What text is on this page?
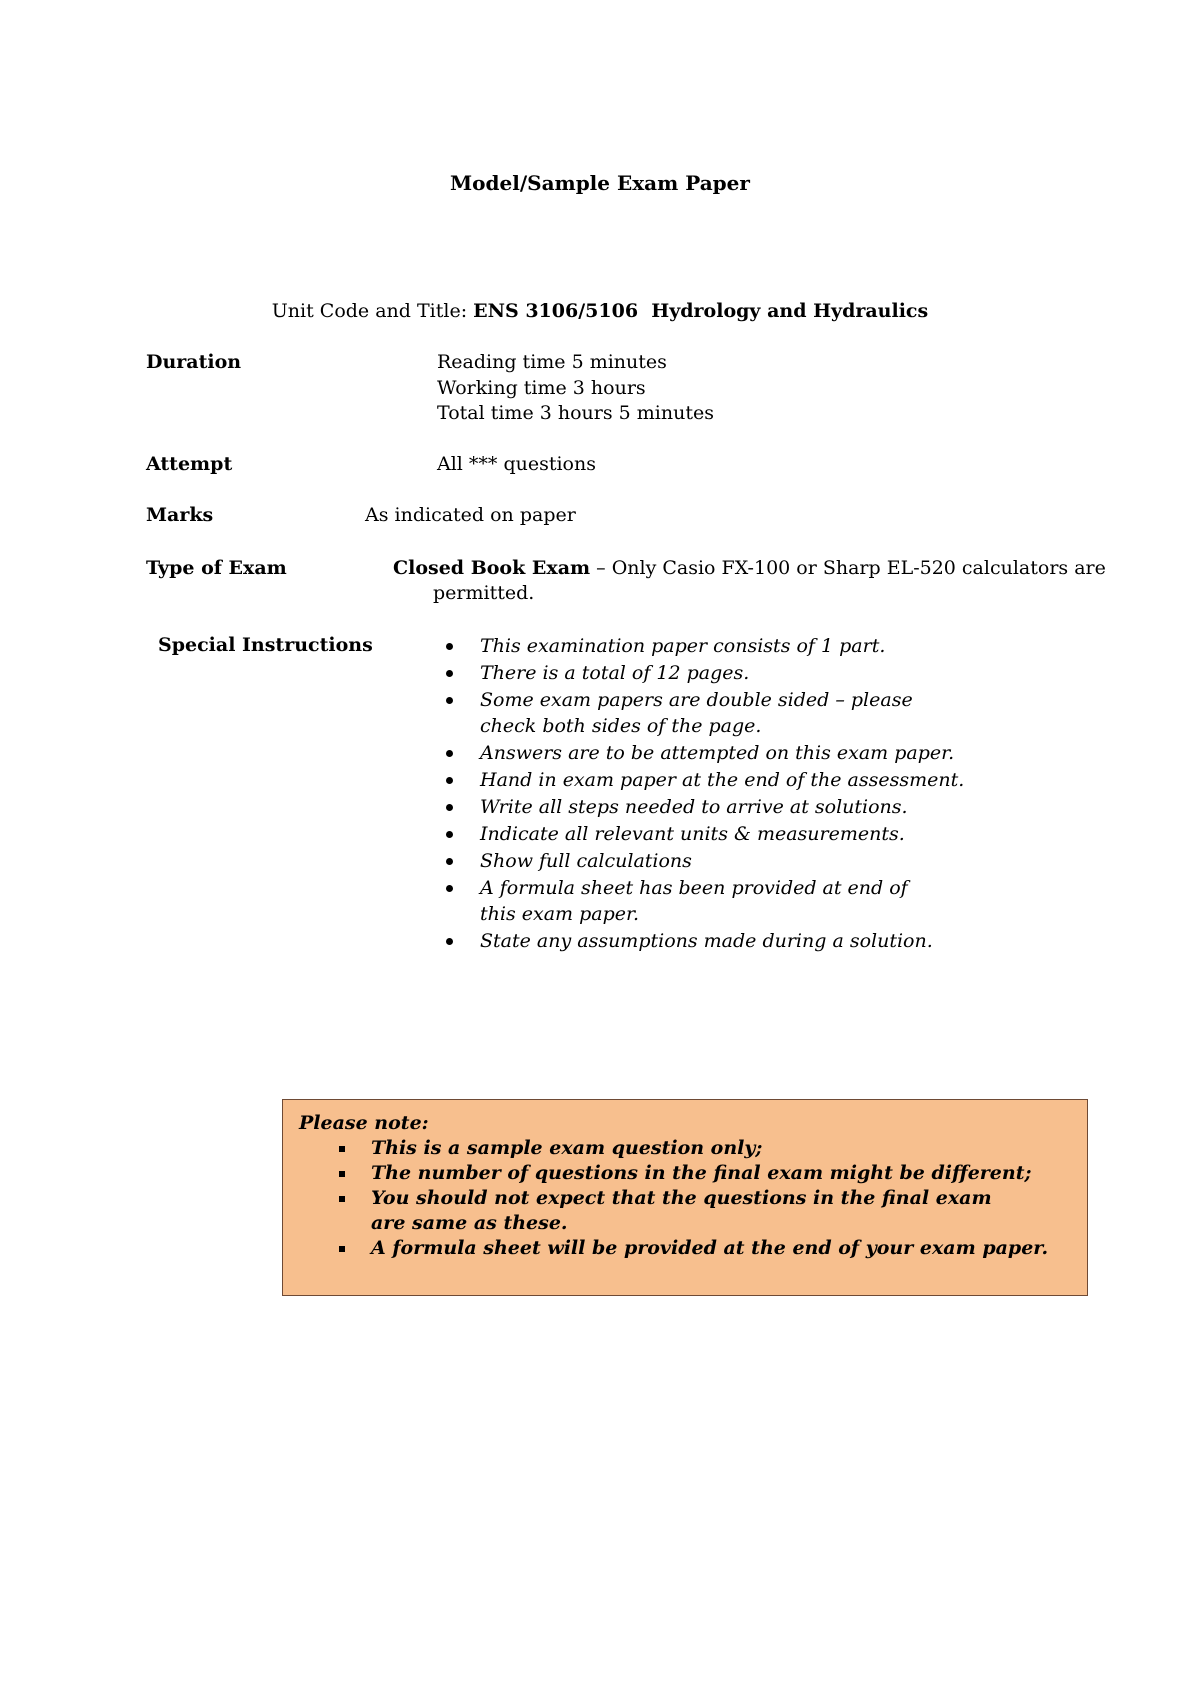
Model/Sample Exam Paper
Unit Code and Title: ENS 3106/5106  Hydrology and Hydraulics
Duration	Reading time 5 minutes
Working time 3 hours
Total time 3 hours 5 minutes
Attempt	All *** questions
Marks	As indicated on paper
Type of Exam	Closed Book Exam – Only Casio FX-100 or Sharp EL-520 calculators are
permitted.
Special Instructions	This examination paper consists of 1 part.
There is a total of 12 pages.
Some exam papers are double sided – please check both sides of the page.
Answers are to be attempted on this exam paper.
Hand in exam paper at the end of the assessment.
Write all steps needed to arrive at solutions.
Indicate all relevant units & measurements.
Show full calculations
A formula sheet has been provided at end of this exam paper.
State any assumptions made during a solution.
Please note:
This is a sample exam question only;
The number of questions in the final exam might be different;
You should not expect that the questions in the final exam are same as these.
A formula sheet will be provided at the end of your exam paper.
